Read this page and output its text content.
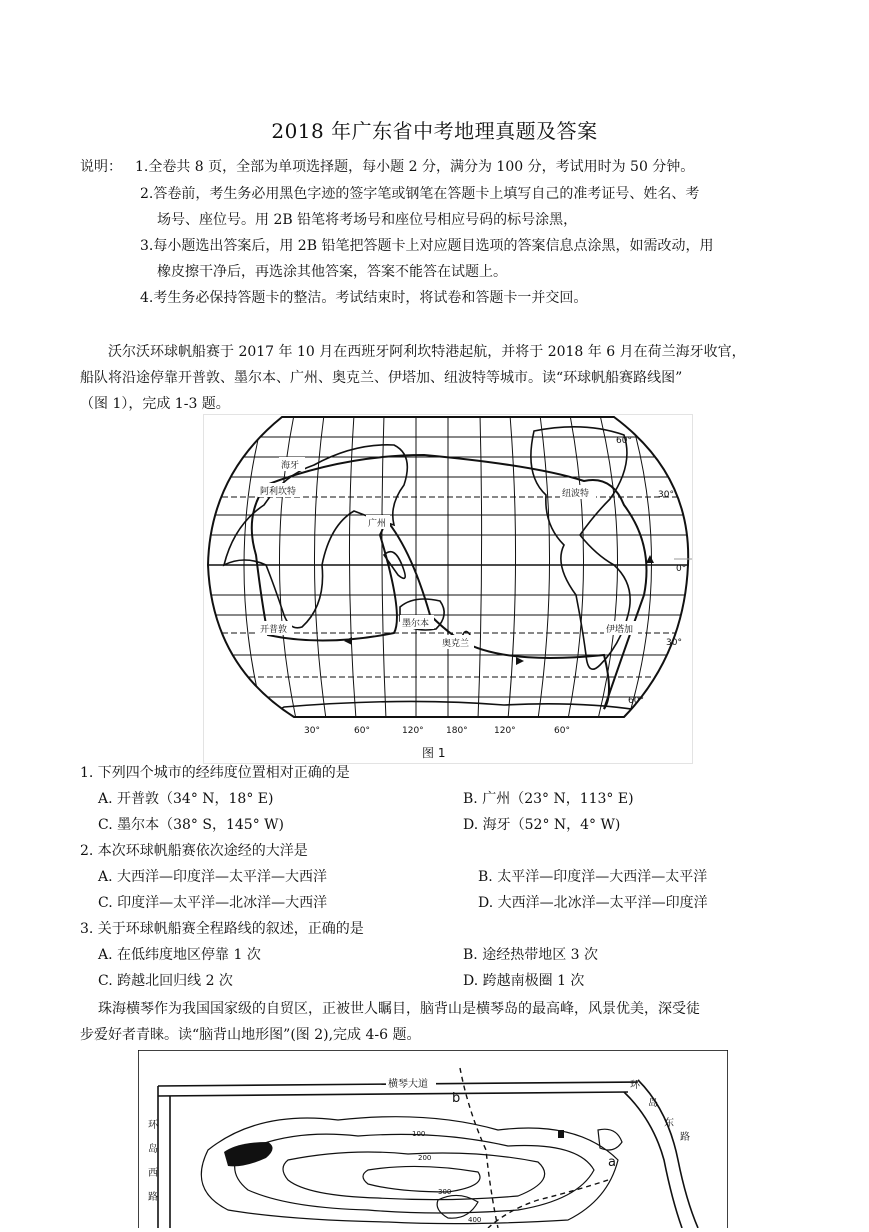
2018 年广东省中考地理真题及答案
说明： 1.全卷共 8 页，全部为单项选择题，每小题 2 分，满分为 100 分，考试用时为 50 分钟。
2.答卷前，考生务必用黑色字迹的签字笔或钢笔在答题卡上填写自己的准考证号、姓名、考
场号、座位号。用 2B 铅笔将考场号和座位号相应号码的标号涂黑，
3.每小题选出答案后，用 2B 铅笔把答题卡上对应题目选项的答案信息点涂黑，如需改动，用
橡皮擦干净后，再选涂其他答案，答案不能答在试题上。
4.考生务必保持答题卡的整洁。考试结束时，将试卷和答题卡一并交回。
沃尔沃环球帆船赛于 2017 年 10 月在西班牙阿利坎特港起航，并将于 2018 年 6 月在荷兰海牙收官，
船队将沿途停靠开普敦、墨尔本、广州、奥克兰、伊塔加、纽波特等城市。读“环球帆船赛路线图”
（图 1），完成 1-3 题。
海牙
阿利坎特
广州
纽波特
开普敦
墨尔本
奥克兰
伊塔加
60°
30°
0°
30°
60°
30°	60°	120° 180°	120°	60°
图 1
1. 下列四个城市的经纬度位置相对正确的是
A. 开普敦（34° N，18° E)	B. 广州（23° N，113° E)
C. 墨尔本（38° S，145° W)	D. 海牙（52° N，4° W)
2. 本次环球帆船赛依次途经的大洋是
A. 大西洋—印度洋—太平洋—大西洋	B. 太平洋—印度洋—大西洋—太平洋
C. 印度洋—太平洋—北冰洋—大西洋	D. 大西洋—北冰洋—太平洋—印度洋
3. 关于环球帆船赛全程路线的叙述，正确的是
A. 在低纬度地区停靠 1 次	B. 途经热带地区 3 次
C. 跨越北回归线 2 次	D. 跨越南极圈 1 次
珠海横琴作为我国国家级的自贸区，正被世人瞩目，脑背山是横琴岛的最高峰，风景优美，深受徒
步爱好者青睐。读“脑背山地形图”(图 2),完成 4-6 题。
横琴大道	环
岛
东
路
环
岛
西
路
a
b
100
200
300
400
